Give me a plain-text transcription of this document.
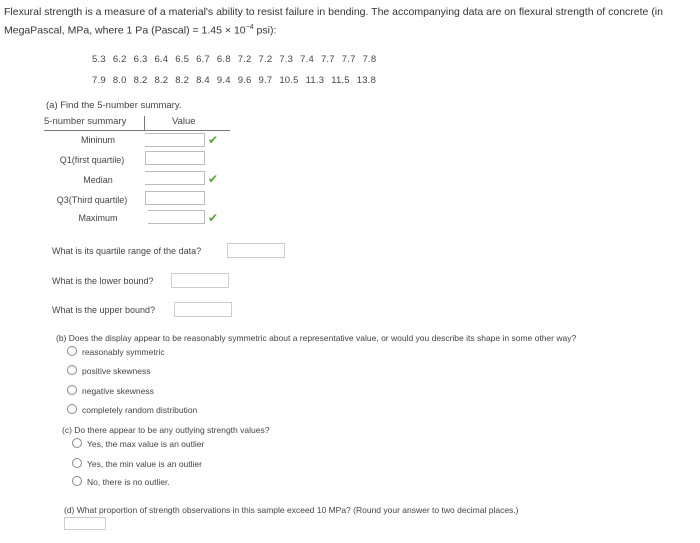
Flexural strength is a measure of a material's ability to resist failure in bending. The accompanying data are on flexural strength of concrete (in
MegaPascal, MPa, where 1 Pa (Pascal) = $1.45 \times 10^{-4}$ psi):
5.3 6.2 6.3 6.4 6.5 6.7 6.8 7.2 7.2 7.3 7.4 7.7 7.7 7.8
7.9 8.0 8.2 8.2 8.2 8.4 9.4 9.6 9.7 10.5 11.3 11.5 13.8
(a) Find the 5-number summary.
5-number summary	Value
Mininum	✔
Q1(first quartile)
Median	✔
Q3(Third quartile)
Maximum	✔
What is its quartile range of the data?
What is the lower bound?
What is the upper bound?
(b) Does the display appear to be reasonably symmetric about a representative value, or would you describe its shape in some other way?
reasonably symmetric
positive skewness
negative skewness
completely random distribution
(c) Do there appear to be any outlying strength values?
Yes, the max value is an outlier
Yes, the min value is an outlier
No, there is no outlier.
(d) What proportion of strength observations in this sample exceed 10 MPa? (Round your answer to two decimal places.)
